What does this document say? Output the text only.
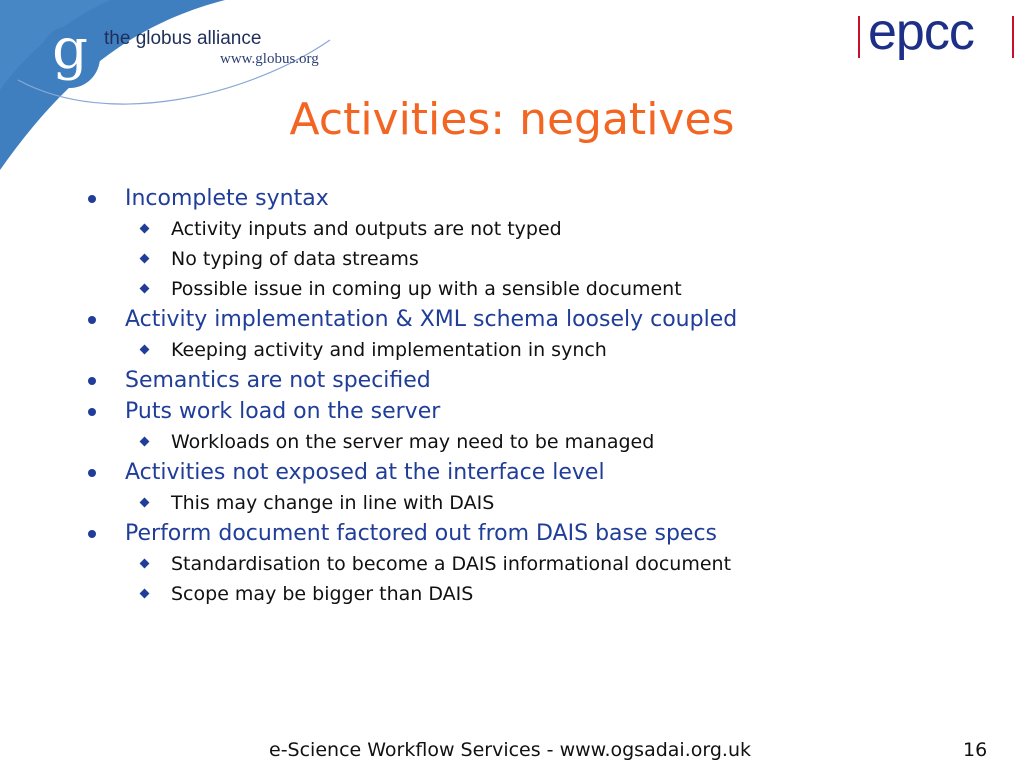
g the globus alliance
www.globus.org	epcc
Activities: negatives
Incomplete syntax
Activity inputs and outputs are not typed
No typing of data streams
Possible issue in coming up with a sensible document
Activity implementation & XML schema loosely coupled
Keeping activity and implementation in synch
Semantics are not specified
Puts work load on the server
Workloads on the server may need to be managed
Activities not exposed at the interface level
This may change in line with DAIS
Perform document factored out from DAIS base specs
Standardisation to become a DAIS informational document
Scope may be bigger than DAIS
e-Science Workflow Services - www.ogsadai.org.uk	16
